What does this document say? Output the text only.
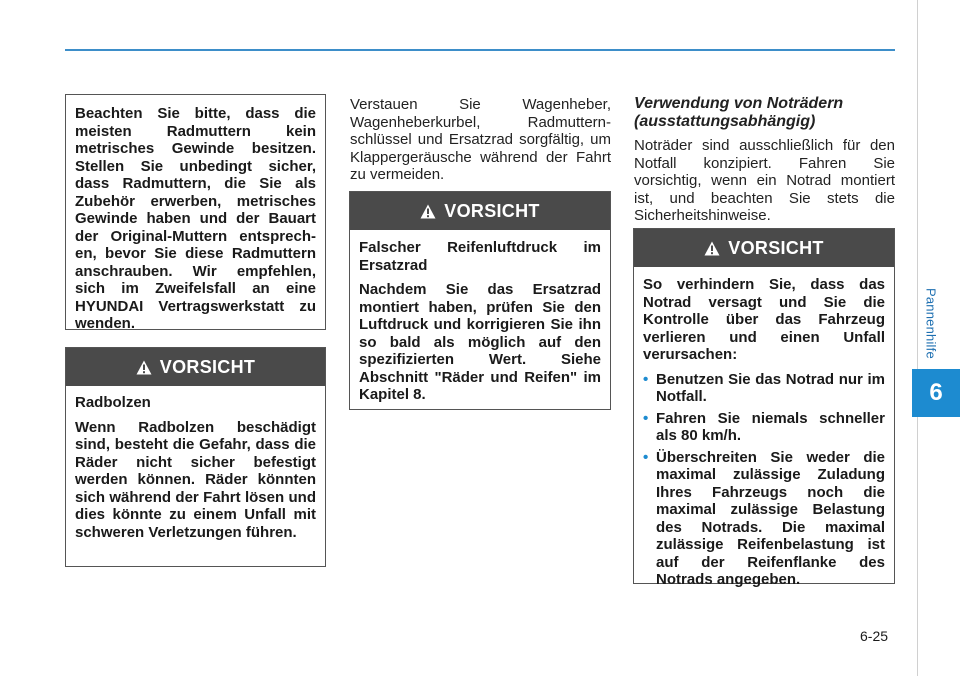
Pannenhilfe
6
6-25
Beachten Sie bitte, dass die meisten Radmuttern kein metrisches Gewinde besitzen. Stellen Sie unbedingt sicher, dass Radmuttern, die Sie als Zubehör erwerben, metrisches Gewinde haben und der Bauart der Original-Muttern entsprech-en, bevor Sie diese Radmuttern anschrauben. Wir empfehlen, sich im Zweifelsfall an eine HYUNDAI Vertragswerkstatt zu wenden.
VORSICHT

Radbolzen

Wenn Radbolzen beschädigt sind, besteht die Gefahr, dass die Räder nicht sicher befestigt werden können. Räder könnten sich während der Fahrt lösen und dies könnte zu einem Unfall mit schweren Verletzungen führen.

Verstauen Sie Wagenheber, Wagenheberkurbel, Radmuttern-schlüssel und Ersatzrad sorgfältig, um Klappergeräusche während der Fahrt zu vermeiden.

VORSICHT

Falscher Reifenluftdruck im Ersatzrad

Nachdem Sie das Ersatzrad montiert haben, prüfen Sie den Luftdruck und korrigieren Sie ihn so bald als möglich auf den spezifizierten Wert. Siehe Abschnitt "Räder und Reifen" im Kapitel 8.

Verwendung von Noträdern (ausstattungsabhängig)

Noträder sind ausschließlich für den Notfall konzipiert. Fahren Sie vorsichtig, wenn ein Notrad montiert ist, und beachten Sie stets die Sicherheitshinweise.

VORSICHT

So verhindern Sie, dass das Notrad versagt und Sie die Kontrolle über das Fahrzeug verlieren und einen Unfall verursachen:

• Benutzen Sie das Notrad nur im Notfall.
• Fahren Sie niemals schneller als 80 km/h.
• Überschreiten Sie weder die maximal zulässige Zuladung Ihres Fahrzeugs noch die maximal zulässige Belastung des Notrads. Die maximal zulässige Reifenbelastung ist auf der Reifenflanke des Notrads angegeben.
